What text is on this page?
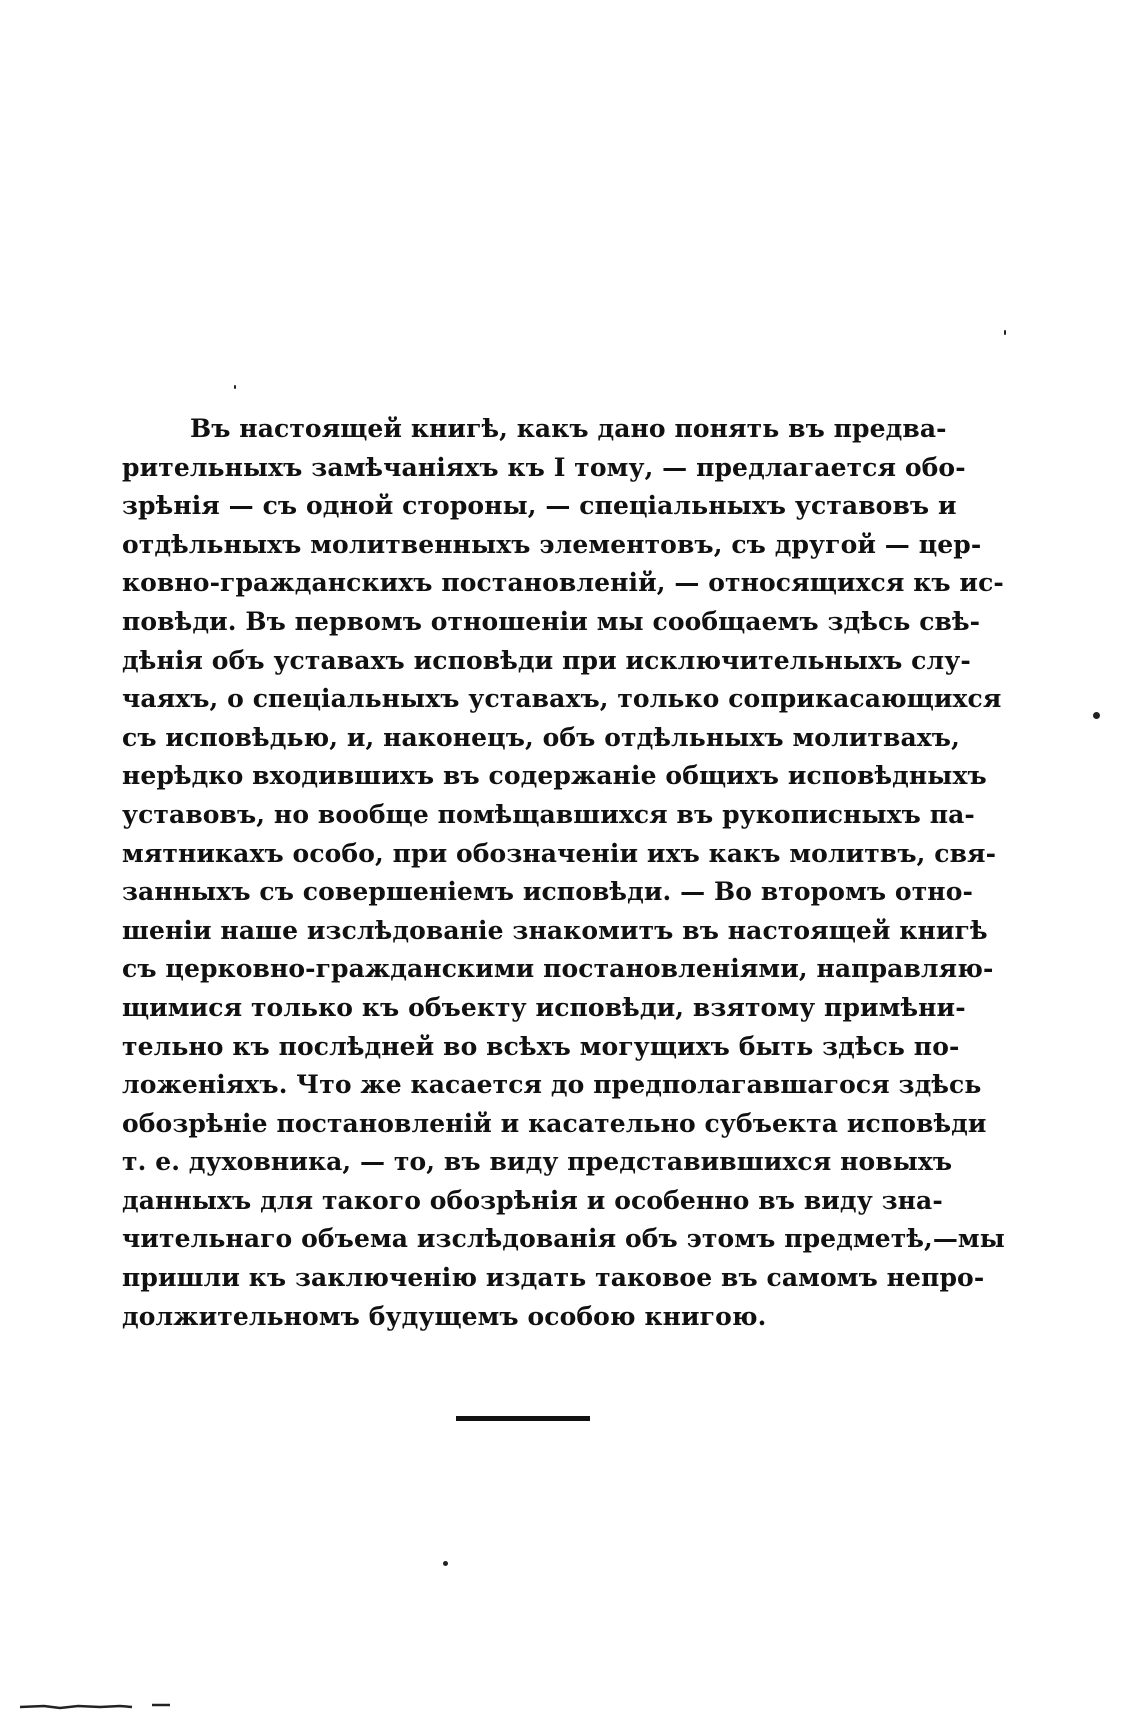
Въ настоящей книгѣ, какъ дано понять въ предва-
рительныхъ замѣчаніяхъ къ I тому, — предлагается обо-
зрѣнія — съ одной стороны, — спеціальныхъ уставовъ и
отдѣльныхъ молитвенныхъ элементовъ, съ другой — цер-
ковно-гражданскихъ постановленій, — относящихся къ ис-
повѣди. Въ первомъ отношеніи мы сообщаемъ здѣсь свѣ-
дѣнія объ уставахъ исповѣди при исключительныхъ слу-
чаяхъ, о спеціальныхъ уставахъ, только соприкасающихся
съ исповѣдью, и, наконецъ, объ отдѣльныхъ молитвахъ,
нерѣдко входившихъ въ содержаніе общихъ исповѣдныхъ
уставовъ, но вообще помѣщавшихся въ рукописныхъ па-
мятникахъ особо, при обозначеніи ихъ какъ молитвъ, свя-
занныхъ съ совершеніемъ исповѣди. — Во второмъ отно-
шеніи наше изслѣдованіе знакомитъ въ настоящей книгѣ
съ церковно-гражданскими постановленіями, направляю-
щимися только къ объекту исповѣди, взятому примѣни-
тельно къ послѣдней во всѣхъ могущихъ быть здѣсь по-
ложеніяхъ. Что же касается до предполагавшагося здѣсь
обозрѣніе постановленій и касательно субъекта исповѣди
т. е. духовника, — то, въ виду представившихся новыхъ
данныхъ для такого обозрѣнія и особенно въ виду зна-
чительнаго объема изслѣдованія объ этомъ предметѣ,—мы
пришли къ заключенію издать таковое въ самомъ непро-
должительномъ будущемъ особою книгою.
